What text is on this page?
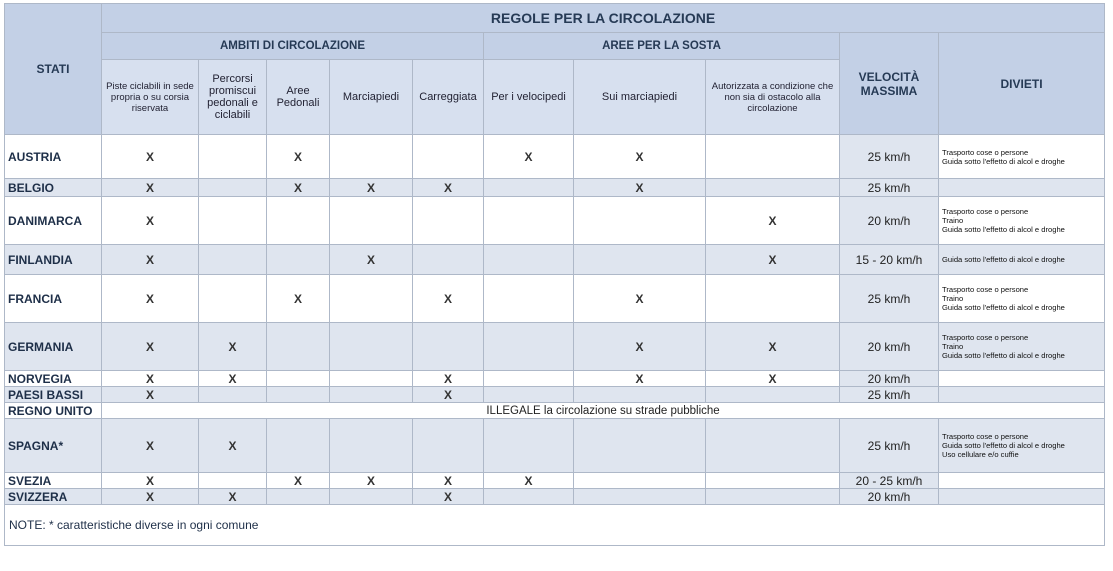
STATI	REGOLE PER LA CIRCOLAZIONE									
	AMBITI DI CIRCOLAZIONE					AREE PER LA SOSTA			VELOCITÀ MASSIMA	DIVIETI
	Piste ciclabili in sede propria o su corsia riservata	Percorsi promiscui pedonali e ciclabili	Aree Pedonali	Marciapiedi	Carreggiata	Per i velocipedi	Sui marciapiedi	Autorizzata a condizione che non sia di ostacolo alla circolazione		
AUSTRIA	X		X			X	X		25 km/h	Trasporto cose o persone
Guida sotto l'effetto di alcol e droghe

BELGIO	X		X	X	X		X		25 km/h	
DANIMARCA	X							X	20 km/h	Trasporto cose o persone
Traino
Guida sotto l'effetto di alcol e droghe

FINLANDIA	X			X				X	15 - 20 km/h	Guida sotto l'effetto di alcol e droghe

FRANCIA	X		X		X		X		25 km/h	Trasporto cose o persone
Traino
Guida sotto l'effetto di alcol e droghe

GERMANIA	X	X					X	X	20 km/h	Trasporto cose o persone
Traino
Guida sotto l'effetto di alcol e droghe

NORVEGIA	X	X			X		X	X	20 km/h	
PAESI BASSI	X				X				25 km/h	
REGNO UNITO	ILLEGALE la circolazione su strade pubbliche									
SPAGNA*	X	X							25 km/h	Trasporto cose o persone
Guida sotto l'effetto di alcol e droghe
Uso cellulare e/o cuffie

SVEZIA	X		X	X	X	X			20 - 25 km/h	
SVIZZERA	X	X			X				20 km/h	
NOTE: * caratteristiche diverse in ogni comune										
